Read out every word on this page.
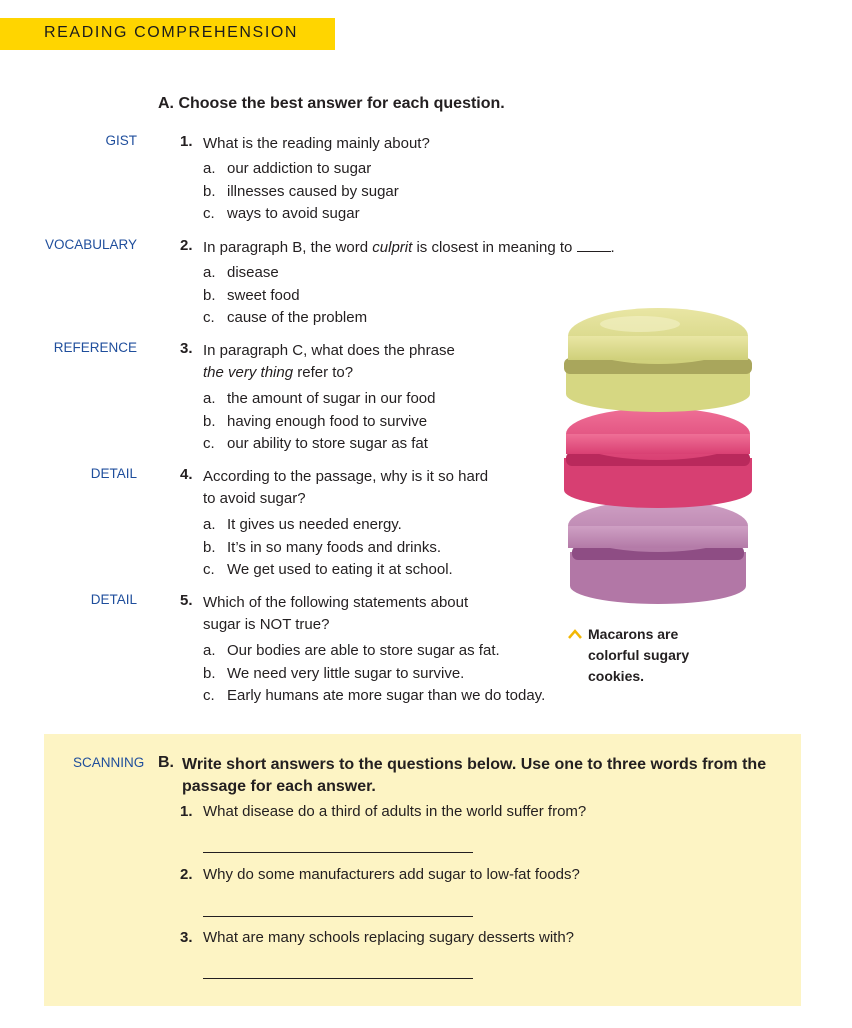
READING COMPREHENSION
A. Choose the best answer for each question.
GIST	1. What is the reading mainly about?
a. our addiction to sugar
b. illnesses caused by sugar
c. ways to avoid sugar
VOCABULARY	2. In paragraph B, the word culprit is closest in meaning to .
a. disease
b. sweet food
c. cause of the problem
REFERENCE	3. In paragraph C, what does the phrase
the very thing refer to?
a. the amount of sugar in our food
b. having enough food to survive
c. our ability to store sugar as fat
DETAIL	4. According to the passage, why is it so hard
to avoid sugar?
a. It gives us needed energy.
b. It’s in so many foods and drinks.
c. We get used to eating it at school.
DETAIL	5. Which of the following statements about
sugar is NOT true?
a. Our bodies are able to store sugar as fat.
b. We need very little sugar to survive.
c. Early humans ate more sugar than we do today.
Macarons are
colorful sugary
cookies.
SCANNING B. Write short answers to the questions below. Use one to three words from the
passage for each answer.
1. What disease do a third of adults in the world suffer from?
2. Why do some manufacturers add sugar to low-fat foods?
3. What are many schools replacing sugary desserts with?
